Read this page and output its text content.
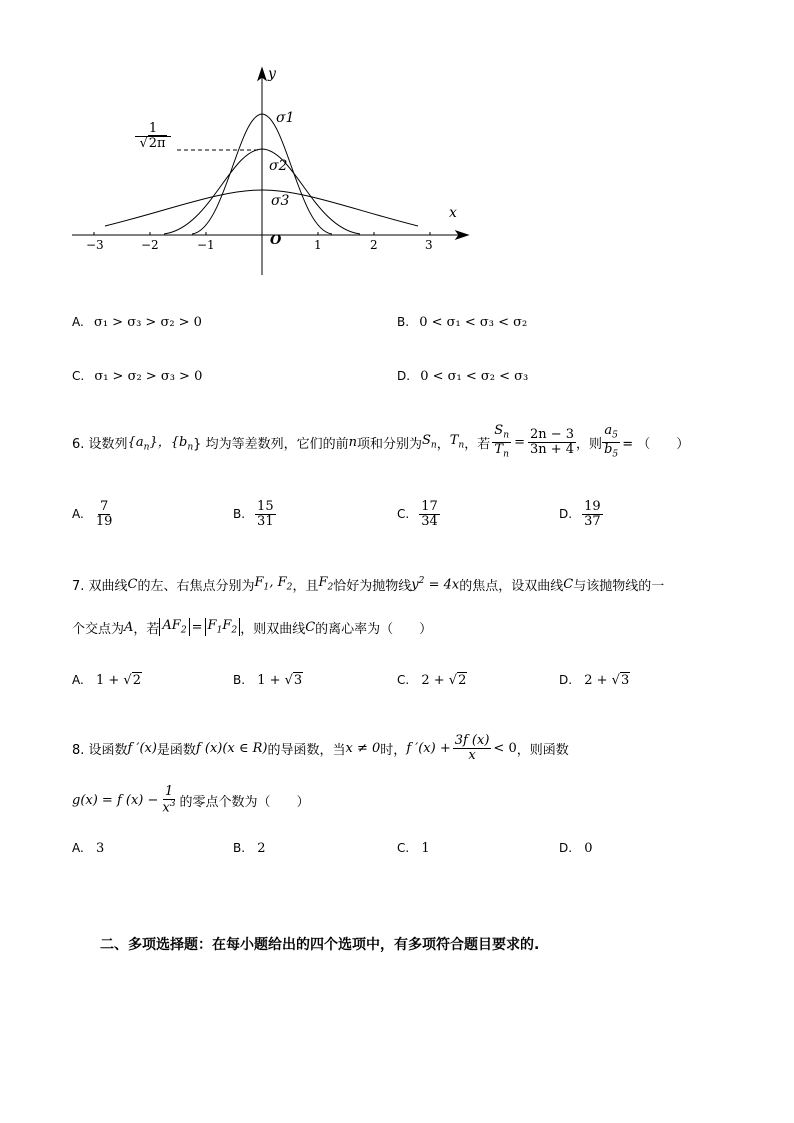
y
x
O
−3	−2	−1	1	2	3
$\frac{1}{√2\pi}$
σ1
σ2
σ3
A. σ₁ > σ₃ > σ₂ > 0	B. 0 < σ₁ < σ₃ < σ₂
C. σ₁ > σ₂ > σ₃ > 0	D. 0 < σ₁ < σ₂ < σ₃
6. 设数列 $\{a_n\}$，{$b_n$ } 均为等差数列，它们的前 n 项和分别为 $S_n$ ， $T_n$ ，若 $\frac{S_n}{T_n} = \frac{2n - 3}{3n + 4}$ ，则 $\frac{a_5}{b_5}$ = （　　）
A. $\frac{7}{19}$	B. $\frac{15}{31}$	C. $\frac{17}{34}$	D. $\frac{19}{37}$
7. 双曲线 C 的左、右焦点分别为 $F_1$, $F_2$ ，且 $F_2$ 恰好为抛物线 $y^2 = 4x$ 的焦点，设双曲线 C 与该抛物线的一
个交点为 A ，若 $AF_2 = F_1F_2$ ，则双曲线 C 的离心率为（　　）
A. 1 + √2	B. 1 + √3	C. 2 + √2	D. 2 + √3
8. 设函数 f ′(x) 是函数 f (x)(x ∈ R) 的导函数，当 x ≠ 0 时， f $'(x) + \frac{3f (x)}{x} < 0$ ，则函数
g(x) = f $(x) - \frac{1}{x^3}$ 的零点个数为（　　）
A. 3	B. 2	C. 1	D. 0
二、多项选择题：在每小题给出的四个选项中，有多项符合题目要求的.
